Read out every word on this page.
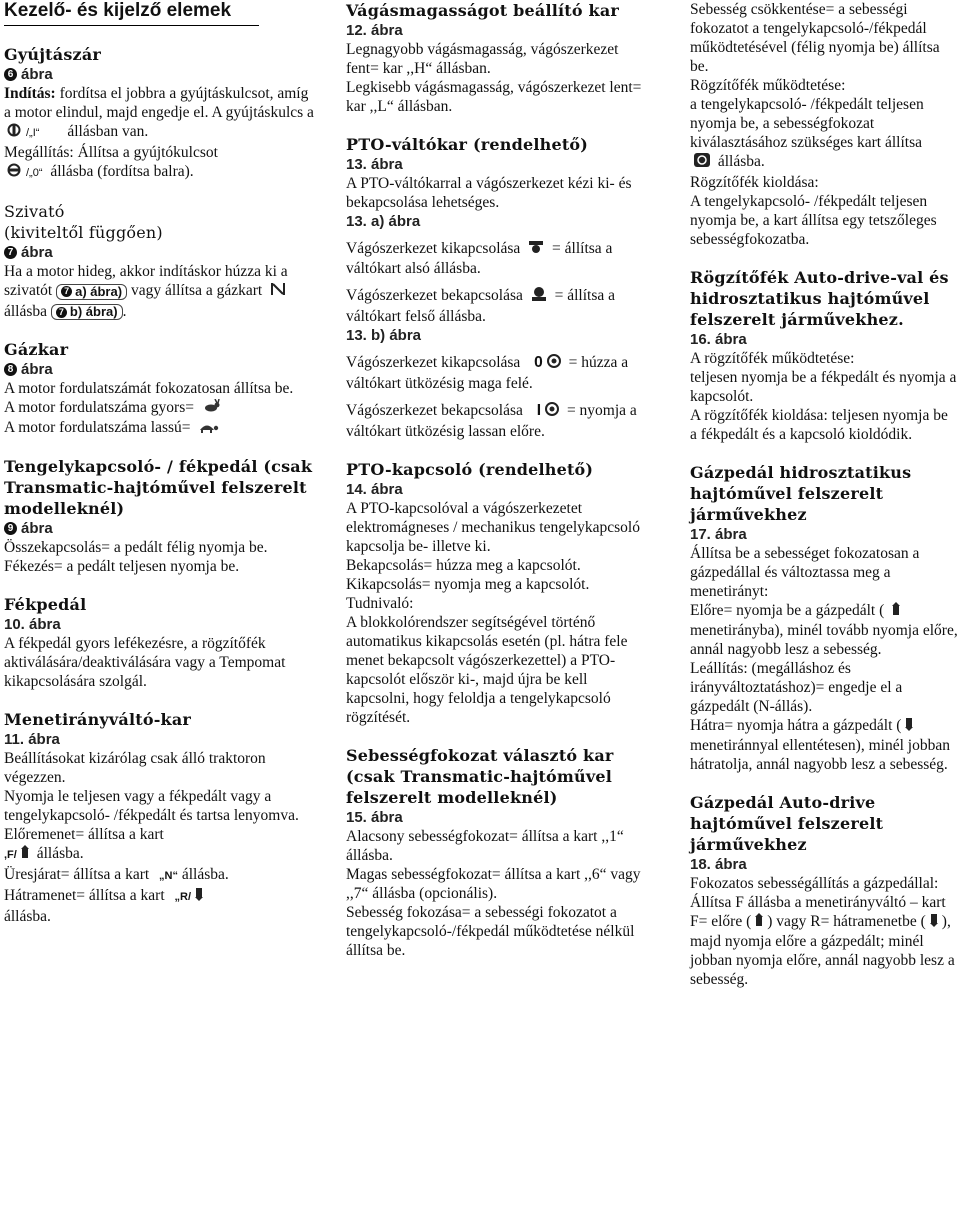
Kezelő- és kijelző elemek
Gyújtászár
6 ábra

Indítás: fordítsa el jobbra a gyújtáskulcsot, amíg a motor elindul, majd engedje el. A gyújtáskulcs a

/„I“ állásban van.

Megállítás: Állítsa a gyújtókulcsot

/„0“ állásba (fordítsa balra).

Szivató
(kiviteltől függően)
7 ábra

Ha a motor hideg, akkor indításkor húzza ki a szivatót	7 a) ábra) vagy állítsa a gázkart  állásba	7 b) ábra) .

Gázkar
8 ábra

A motor fordulatszámát fokozatosan állítsa be.

A motor fordulatszáma gyors=

A motor fordulatszáma lassú=

Tengelykapcsoló- / fékpedál (csak Transmatic-hajtóművel felszerelt modelleknél)
9 ábra

Összekapcsolás= a pedált félig nyomja be.

Fékezés= a pedált teljesen nyomja be.

Fékpedál
10. ábra

A fékpedál gyors lefékezésre, a rögzítőfék aktiválására/deaktiválására vagy a Tempomat kikapcsolására szolgál.

Menetirányváltó-kar
11. ábra

Beállításokat kizárólag csak álló traktoron végezzen.

Nyomja le teljesen vagy a fékpedált vagy a tengelykapcsoló- /fékpedált és tartsa lenyomva.

Előremenet= állítsa a kart

,F/ állásba.

Üresjárat= állítsa a kart „N“ állásba.

Hátramenet= állítsa a kart „R/

állásba.

Vágásmagasságot beállító kar
12. ábra

Legnagyobb vágásmagasság, vágószerkezet fent= kar ,,H“ állásban.

Legkisebb vágásmagasság, vágószerkezet lent= kar ,,L“ állásban.

PTO-váltókar (rendelhető)
13. ábra

A PTO-váltókarral a vágószerkezet kézi ki- és bekapcsolása lehetséges.

13. a) ábra

Vágószerkezet kikapcsolása = állítsa a váltókart alsó állásba.

Vágószerkezet bekapcsolása = állítsa a váltókart felső állásba.

13. b) ábra

Vágószerkezet kikapcsolása 0 = húzza a váltókart ütközésig maga felé.

Vágószerkezet bekapcsolása I = nyomja a váltókart ütközésig lassan előre.

PTO-kapcsoló (rendelhető)
14. ábra

A PTO-kapcsolóval a vágószerkezetet elektromágneses / mechanikus tengelykapcsoló kapcsolja be- illetve ki.

Bekapcsolás= húzza meg a kapcsolót.

Kikapcsolás= nyomja meg a kapcsolót.

Tudnivaló:

A blokkolórendszer segítségével történő automatikus kikapcsolás esetén (pl. hátra fele menet bekapcsolt vágószerkezettel) a PTO-kapcsolót először ki-, majd újra be kell kapcsolni, hogy feloldja a tengelykapcsoló rögzítését.

Sebességfokozat választó kar (csak Transmatic-hajtóművel felszerelt modelleknél)
15. ábra

Alacsony sebességfokozat= állítsa a kart ,,1“ állásba.

Magas sebességfokozat= állítsa a kart ,,6“ vagy ,,7“ állásba (opcionális).

Sebesség fokozása= a sebességi fokozatot a tengelykapcsoló-/fékpedál működtetése nélkül állítsa be.

Sebesség csökkentése= a sebességi fokozatot a tengelykapcsoló-/fékpedál működtetésével (félig nyomja be) állítsa be.

Rögzítőfék működtetése:

a tengelykapcsoló- /fékpedált teljesen nyomja be, a sebességfokozat kiválasztásához szükséges kart állítsa
állásba.

Rögzítőfék kioldása:

A tengelykapcsoló- /fékpedált teljesen nyomja be, a kart állítsa egy tetszőleges sebességfokozatba.

Rögzítőfék Auto-drive-val és hidrosztatikus hajtóművel felszerelt járművekhez.
16. ábra

A rögzítőfék működtetése:

teljesen nyomja be a fékpedált és nyomja a kapcsolót.

A rögzítőfék kioldása: teljesen nyomja be a fékpedált és a kapcsoló kioldódik.

Gázpedál hidrosztatikus hajtóművel felszerelt járművekhez
17. ábra

Állítsa be a sebességet fokozatosan a gázpedállal és változtassa meg a menetirányt:

Előre= nyomja be a gázpedált (  menetirányba), minél tovább nyomja előre, annál nagyobb lesz a sebesség.

Leállítás: (megálláshoz és irányváltoztatáshoz)= engedje el a gázpedált (N-állás).

Hátra= nyomja hátra a gázpedált ( menetiránnyal ellentétesen), minél jobban hátratolja, annál nagyobb lesz a sebesség.

Gázpedál Auto-drive hajtóművel felszerelt járművekhez
18. ábra

Fokozatos sebességállítás a gázpedállal:

Állítsa F állásba a menetirányváltó – kart F= előre ( ) vagy R= hátramenetbe ( ), majd nyomja előre a gázpedált; minél jobban nyomja előre, annál nagyobb lesz a sebesség.
